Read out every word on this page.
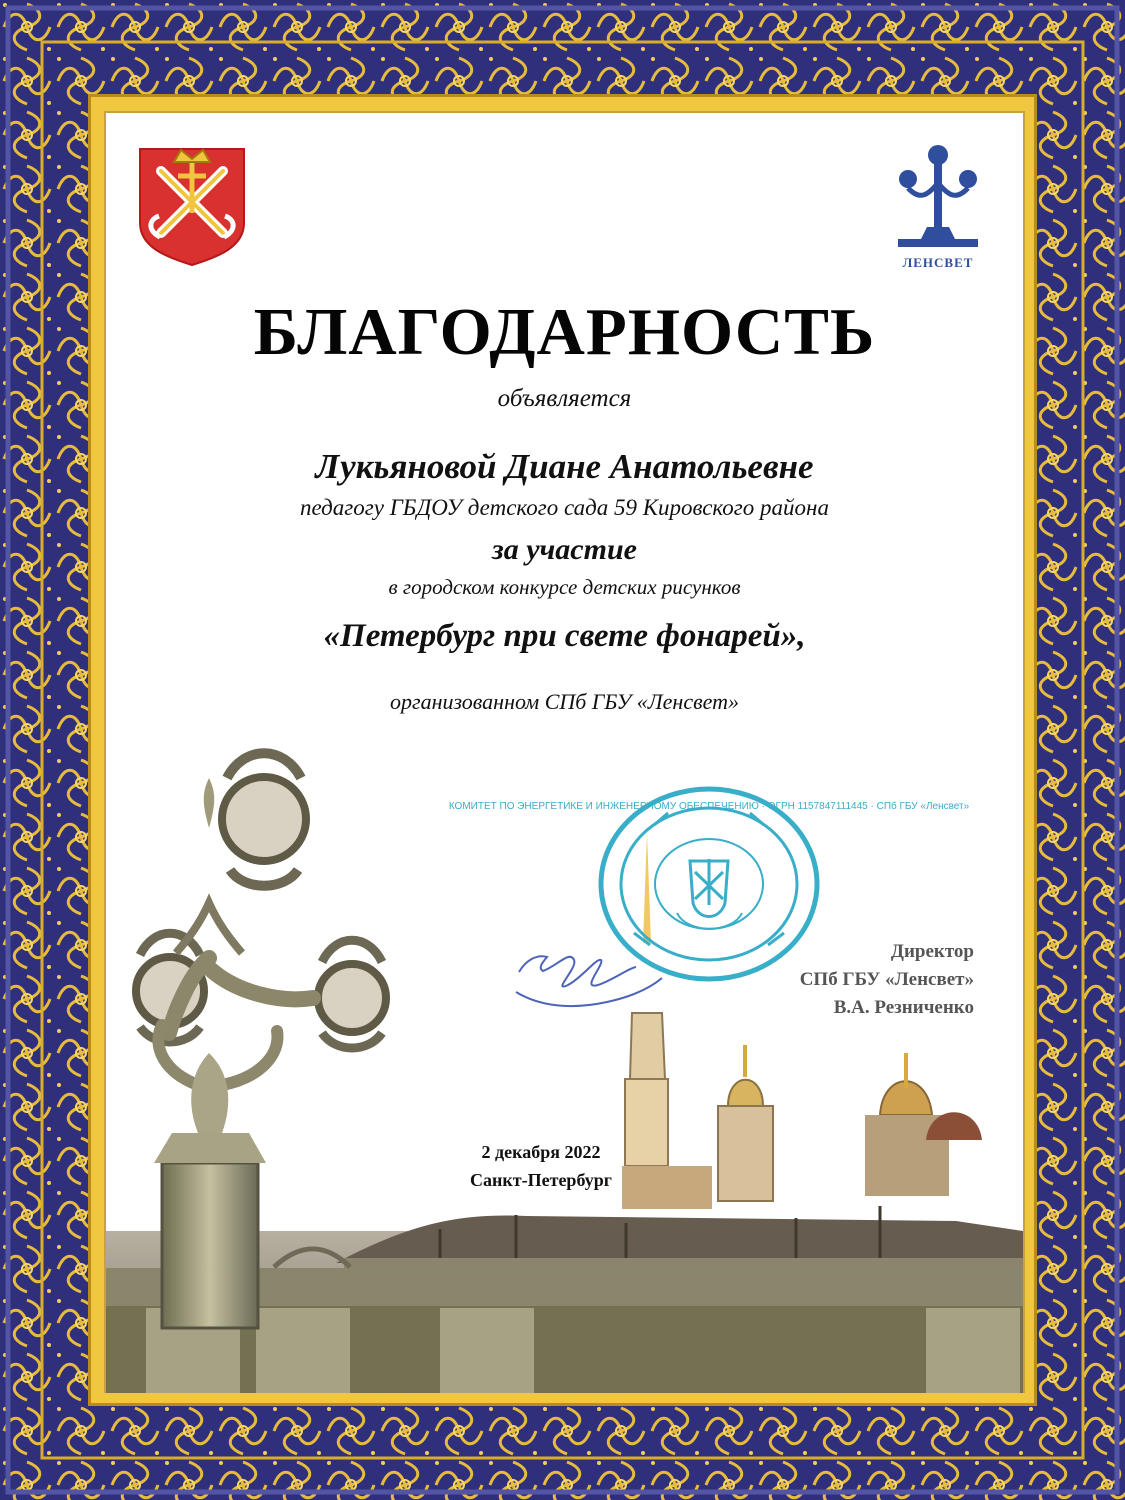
ЛЕНСВЕТ
БЛАГОДАРНОСТЬ
объявляется
Лукьяновой Диане Анатольевне
педагогу ГБДОУ детского сада 59 Кировского района
за участие
в городском конкурсе детских рисунков
«Петербург при свете фонарей»,
организованном СПб ГБУ «Ленсвет»
КОМИТЕТ ПО ЭНЕРГЕТИКЕ И ИНЖЕНЕРНОМУ ОБЕСПЕЧЕНИЮ · ОГРН 1157847111445 · СПб ГБУ «Ленсвет»
Директор
СПб ГБУ «Ленсвет»
В.А. Резниченко
2 декабря 2022
Санкт-Петербург
